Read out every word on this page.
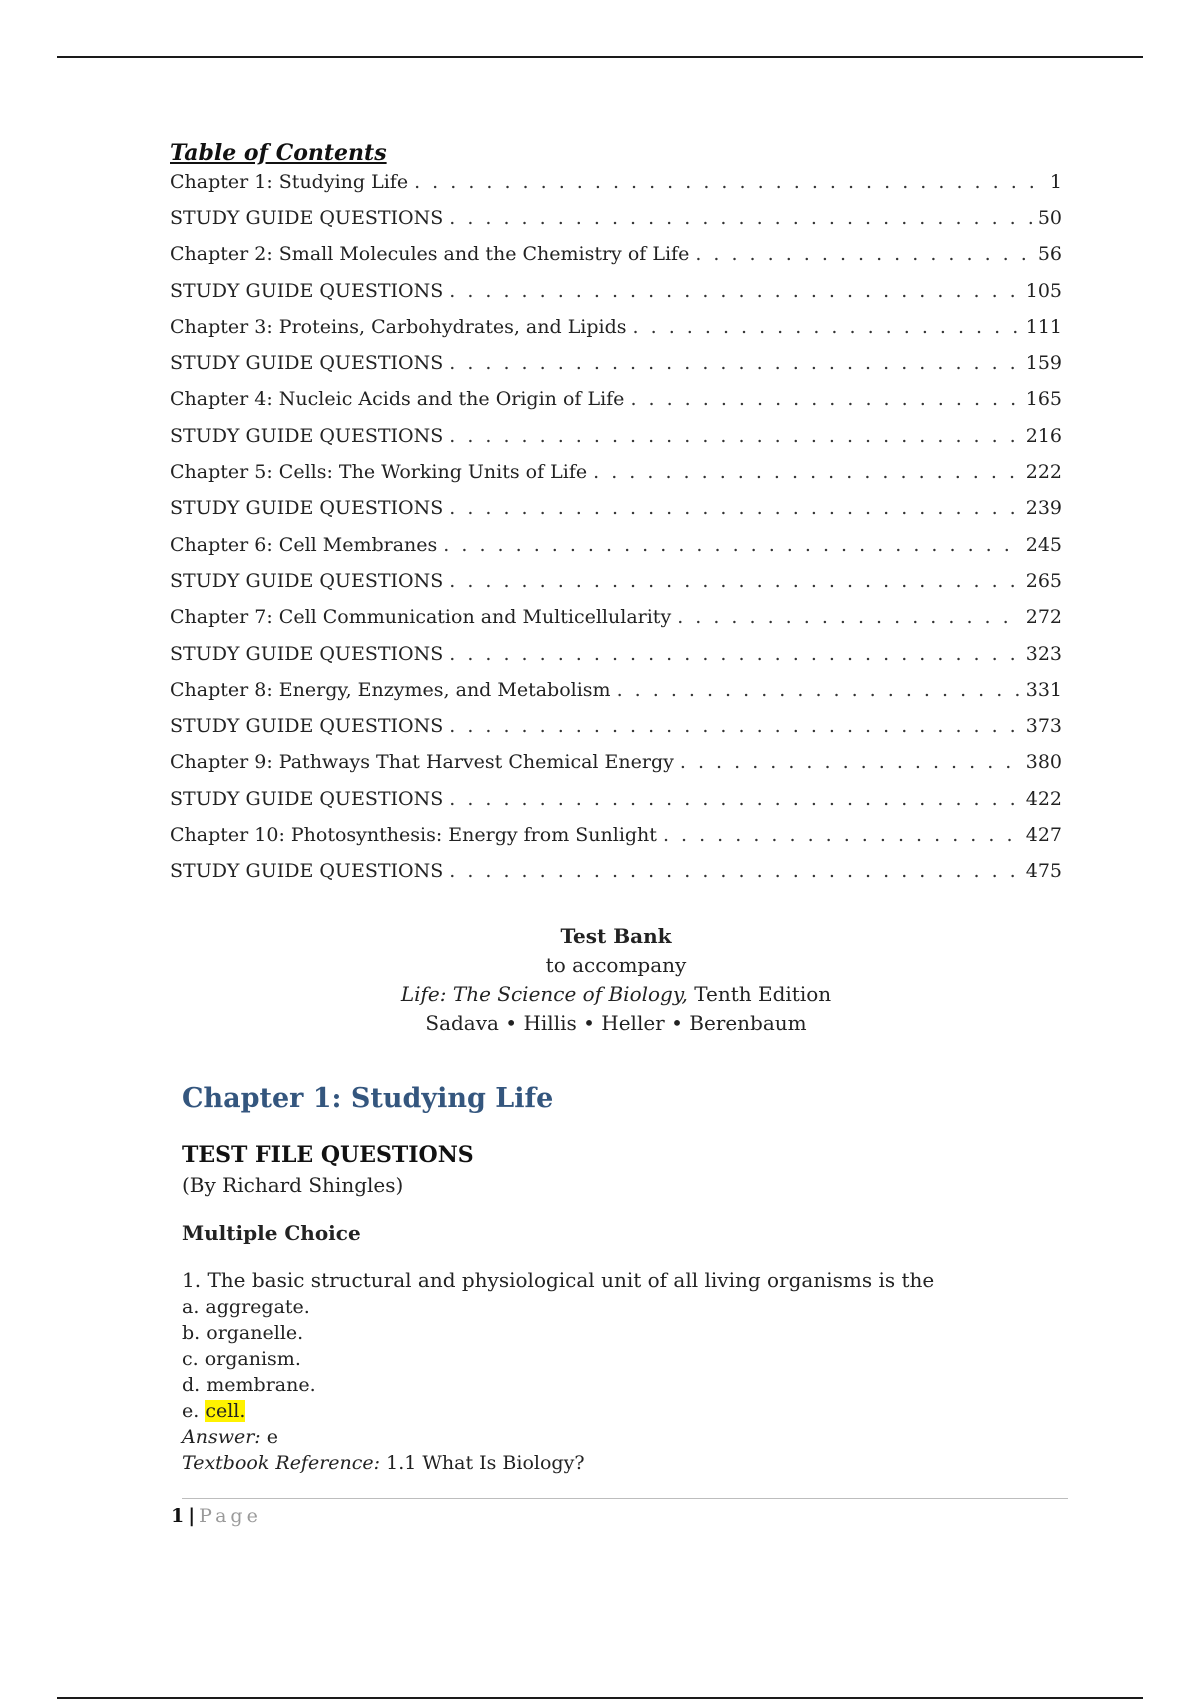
Table of Contents
Chapter 1: Studying Life . . .	1
STUDY GUIDE QUESTIONS . . .	50
Chapter 2: Small Molecules and the Chemistry of Life . . .	56
STUDY GUIDE QUESTIONS . . .	105
Chapter 3: Proteins, Carbohydrates, and Lipids . . .	111
STUDY GUIDE QUESTIONS . . .	159
Chapter 4: Nucleic Acids and the Origin of Life . . .	165
STUDY GUIDE QUESTIONS . . .	216
Chapter 5: Cells: The Working Units of Life . . .	222
STUDY GUIDE QUESTIONS . . .	239
Chapter 6: Cell Membranes . . .	245
STUDY GUIDE QUESTIONS . . .	265
Chapter 7: Cell Communication and Multicellularity . . .	272
STUDY GUIDE QUESTIONS . . .	323
Chapter 8: Energy, Enzymes, and Metabolism . . .	331
STUDY GUIDE QUESTIONS . . .	373
Chapter 9: Pathways That Harvest Chemical Energy . . .	380
STUDY GUIDE QUESTIONS . . .	422
Chapter 10: Photosynthesis: Energy from Sunlight . . .	427
STUDY GUIDE QUESTIONS . . .	475
Test Bank
to accompany
Life: The Science of Biology, Tenth Edition
Sadava • Hillis • Heller • Berenbaum
Chapter 1: Studying Life
TEST FILE QUESTIONS
(By Richard Shingles)
Multiple Choice
1. The basic structural and physiological unit of all living organisms is the
a. aggregate.
b. organelle.
c. organism.
d. membrane.
e. cell.
Answer: e
Textbook Reference: 1.1 What Is Biology?
1 | Page
